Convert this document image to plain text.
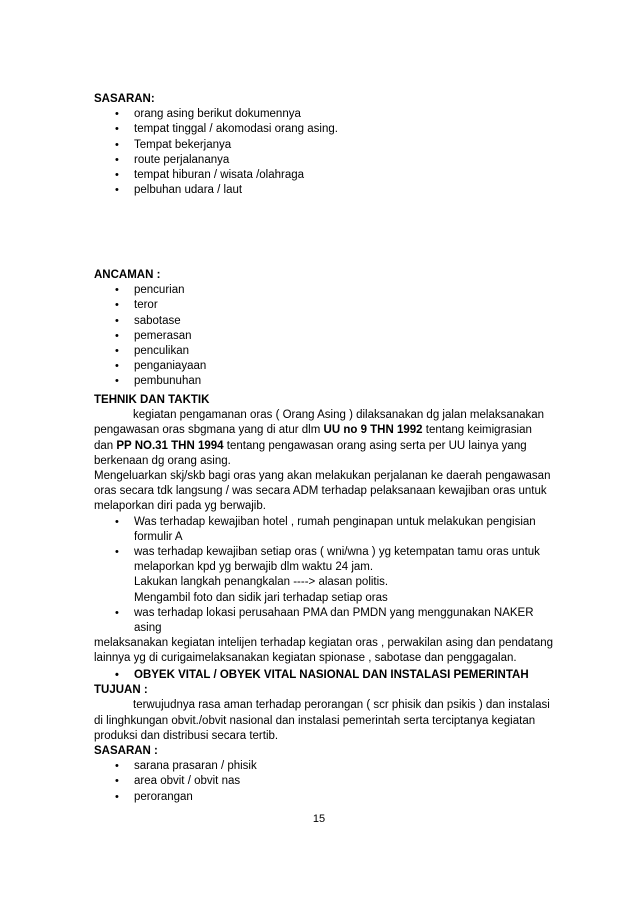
SASARAN:
• orang asing berikut dokumennya
• tempat tinggal / akomodasi orang asing.
• Tempat bekerjanya
• route perjalananya
• tempat hiburan / wisata /olahraga
• pelbuhan udara / laut
ANCAMAN :
• pencurian
• teror
• sabotase
• pemerasan
• penculikan
• penganiayaan
• pembunuhan
TEHNIK DAN TAKTIK

kegiatan pengamanan oras ( Orang Asing ) dilaksanakan dg jalan melaksanakan pengawasan oras sbgmana yang di atur dlm UU no 9 THN 1992 tentang keimigrasian dan PP NO.31 THN 1994 tentang pengawasan orang asing serta per UU lainya yang berkenaan dg orang asing.

Mengeluarkan skj/skb bagi oras yang akan melakukan perjalanan ke daerah pengawasan oras secara tdk langsung / was secara ADM terhadap pelaksanaan kewajiban oras untuk melaporkan diri pada yg berwajib.

• Was terhadap kewajiban hotel , rumah penginapan untuk melakukan pengisian formulir A
• was terhadap kewajiban setiap oras ( wni/wna ) yg ketempatan tamu oras untuk melaporkan kpd yg berwajib dlm waktu 24 jam.
Lakukan langkah penangkalan ----> alasan politis.
Mengambil foto dan sidik jari terhadap setiap oras
• was terhadap lokasi perusahaan PMA dan PMDN yang menggunakan NAKER asing

melaksanakan kegiatan intelijen terhadap kegiatan oras , perwakilan asing dan pendatang lainnya yg di curigaimelaksanakan kegiatan spionase , sabotase dan penggagalan.

• OBYEK VITAL / OBYEK VITAL NASIONAL DAN INSTALASI PEMERINTAH
TUJUAN :

terwujudnya rasa aman terhadap perorangan ( scr phisik dan psikis ) dan instalasi di linghkungan obvit./obvit nasional dan instalasi pemerintah serta terciptanya kegiatan produksi dan distribusi secara tertib.

SASARAN :
• sarana prasaran / phisik
• area obvit / obvit nas
• perorangan
15
